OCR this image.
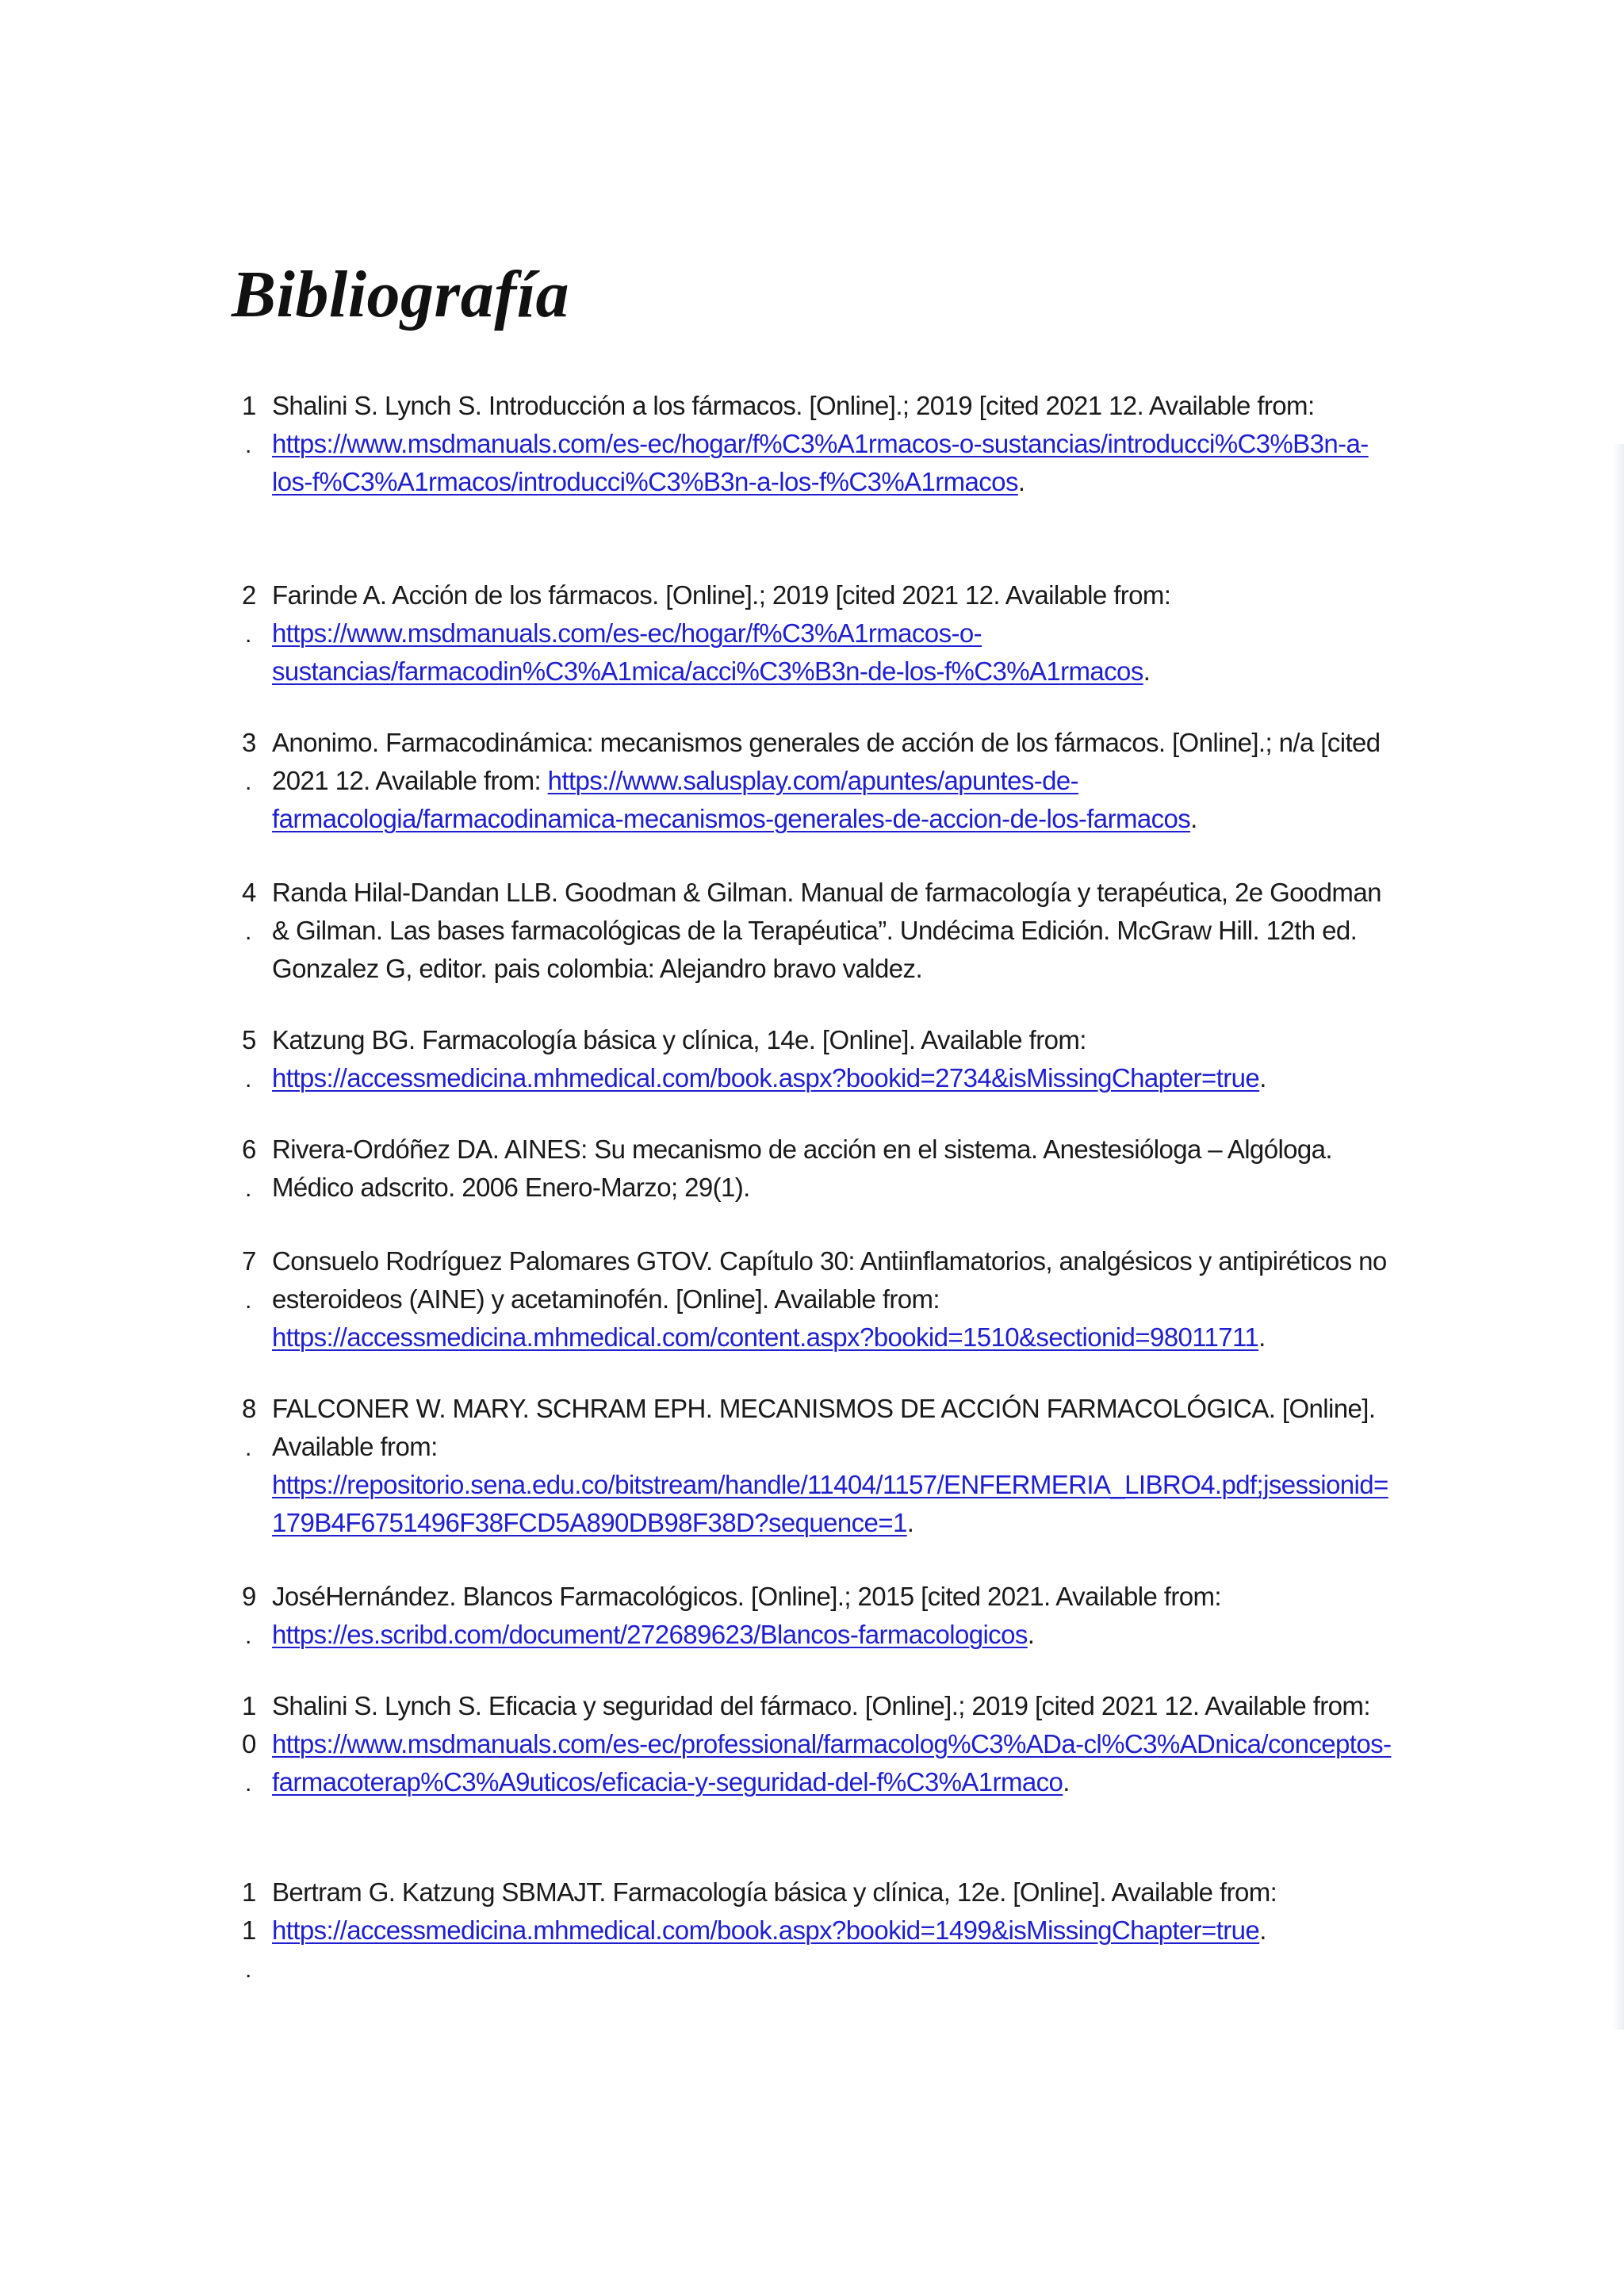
Bibliografía
1
.
Shalini S. Lynch S. Introducción a los fármacos. [Online].; 2019 [cited 2021 12. Available from: https://www.msdmanuals.com/es-ec/hogar/f%C3%A1rmacos-o-sustancias/introducci%C3%B3n-a-los-f%C3%A1rmacos/introducci%C3%B3n-a-los-f%C3%A1rmacos.
2
.
Farinde A. Acción de los fármacos. [Online].; 2019 [cited 2021 12. Available from: https://www.msdmanuals.com/es-ec/hogar/f%C3%A1rmacos-o-sustancias/farmacodin%C3%A1mica/acci%C3%B3n-de-los-f%C3%A1rmacos.
3
.
Anonimo. Farmacodinámica: mecanismos generales de acción de los fármacos. [Online].; n/a [cited 2021 12. Available from: https://www.salusplay.com/apuntes/apuntes-de-farmacologia/farmacodinamica-mecanismos-generales-de-accion-de-los-farmacos.
4
.
Randa Hilal-Dandan LLB. Goodman & Gilman. Manual de farmacología y terapéutica, 2e Goodman & Gilman. Las bases farmacológicas de la Terapéutica”. Undécima Edición. McGraw Hill. 12th ed. Gonzalez G, editor. pais colombia: Alejandro bravo valdez.
5
.
Katzung BG. Farmacología básica y clínica, 14e. [Online]. Available from: https://accessmedicina.mhmedical.com/book.aspx?bookid=2734&isMissingChapter=true.
6
.
Rivera-Ordóñez DA. AINES: Su mecanismo de acción en el sistema. Anestesióloga – Algóloga. Médico adscrito. 2006 Enero-Marzo; 29(1).
7
.
Consuelo Rodríguez Palomares GTOV. Capítulo 30: Antiinflamatorios, analgésicos y antipiréticos no esteroideos (AINE) y acetaminofén. [Online]. Available from: https://accessmedicina.mhmedical.com/content.aspx?bookid=1510&sectionid=98011711.
8
.
FALCONER W. MARY. SCHRAM EPH. MECANISMOS DE ACCIÓN FARMACOLÓGICA. [Online]. Available from: https://repositorio.sena.edu.co/bitstream/handle/11404/1157/ENFERMERIA_LIBRO4.pdf;jsessionid=179B4F6751496F38FCD5A890DB98F38D?sequence=1.
9
.
JoséHernández. Blancos Farmacológicos. [Online].; 2015 [cited 2021. Available from: https://es.scribd.com/document/272689623/Blancos-farmacologicos.
1
0
.
Shalini S. Lynch S. Eficacia y seguridad del fármaco. [Online].; 2019 [cited 2021 12. Available from: https://www.msdmanuals.com/es-ec/professional/farmacolog%C3%ADa-cl%C3%ADnica/conceptos-farmacoterap%C3%A9uticos/eficacia-y-seguridad-del-f%C3%A1rmaco.
1
1
.
Bertram G. Katzung SBMAJT. Farmacología básica y clínica, 12e. [Online]. Available from: https://accessmedicina.mhmedical.com/book.aspx?bookid=1499&isMissingChapter=true.
